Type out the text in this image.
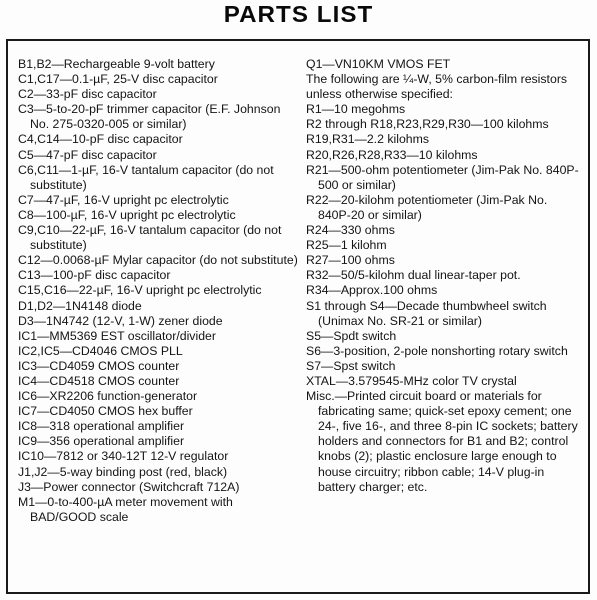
PARTS LIST

B1,B2—Rechargeable 9-volt battery

C1,C17—0.1-µF, 25-V disc capacitor

C2—33-pF disc capacitor

C3—5-to-20-pF trimmer capacitor (E.F. Johnson No. 275-0320-005 or similar)

C4,C14—10-pF disc capacitor

C5—47-pF disc capacitor

C6,C11—1-µF, 16-V tantalum capacitor (do not substitute)

C7—47-µF, 16-V upright pc electrolytic

C8—100-µF, 16-V upright pc electrolytic

C9,C10—22-µF, 16-V tantalum capacitor (do not substitute)

C12—0.0068-µF Mylar capacitor (do not substitute)

C13—100-pF disc capacitor

C15,C16—22-µF, 16-V upright pc electrolytic

D1,D2—1N4148 diode

D3—1N4742 (12-V, 1-W) zener diode

IC1—MM5369 EST oscillator/divider

IC2,IC5—CD4046 CMOS PLL

IC3—CD4059 CMOS counter

IC4—CD4518 CMOS counter

IC6—XR2206 function-generator

IC7—CD4050 CMOS hex buffer

IC8—318 operational amplifier

IC9—356 operational amplifier

IC10—7812 or 340-12T 12-V regulator

J1,J2—5-way binding post (red, black)

J3—Power connector (Switchcraft 712A)

M1—0-to-400-µA meter movement with BAD/GOOD scale

Q1—VN10KM VMOS FET

The following are ¼-W, 5% carbon-film resistors unless otherwise specified:

R1—10 megohms

R2 through R18,R23,R29,R30—100 kilohms

R19,R31—2.2 kilohms

R20,R26,R28,R33—10 kilohms

R21—500-ohm potentiometer (Jim-Pak No. 840P-500 or similar)

R22—20-kilohm potentiometer (Jim-Pak No. 840P-20 or similar)

R24—330 ohms

R25—1 kilohm

R27—100 ohms

R32—50/5-kilohm dual linear-taper pot.

R34—Approx.100 ohms

S1 through S4—Decade thumbwheel switch (Unimax No. SR-21 or similar)

S5—Spdt switch

S6—3-position, 2-pole nonshorting rotary switch

S7—Spst switch

XTAL—3.579545-MHz color TV crystal

Misc.—Printed circuit board or materials for fabricating same; quick-set epoxy cement; one 24-, five 16-, and three 8-pin IC sockets; battery holders and connectors for B1 and B2; control knobs (2); plastic enclosure large enough to house circuitry; ribbon cable; 14-V plug-in battery charger; etc.
